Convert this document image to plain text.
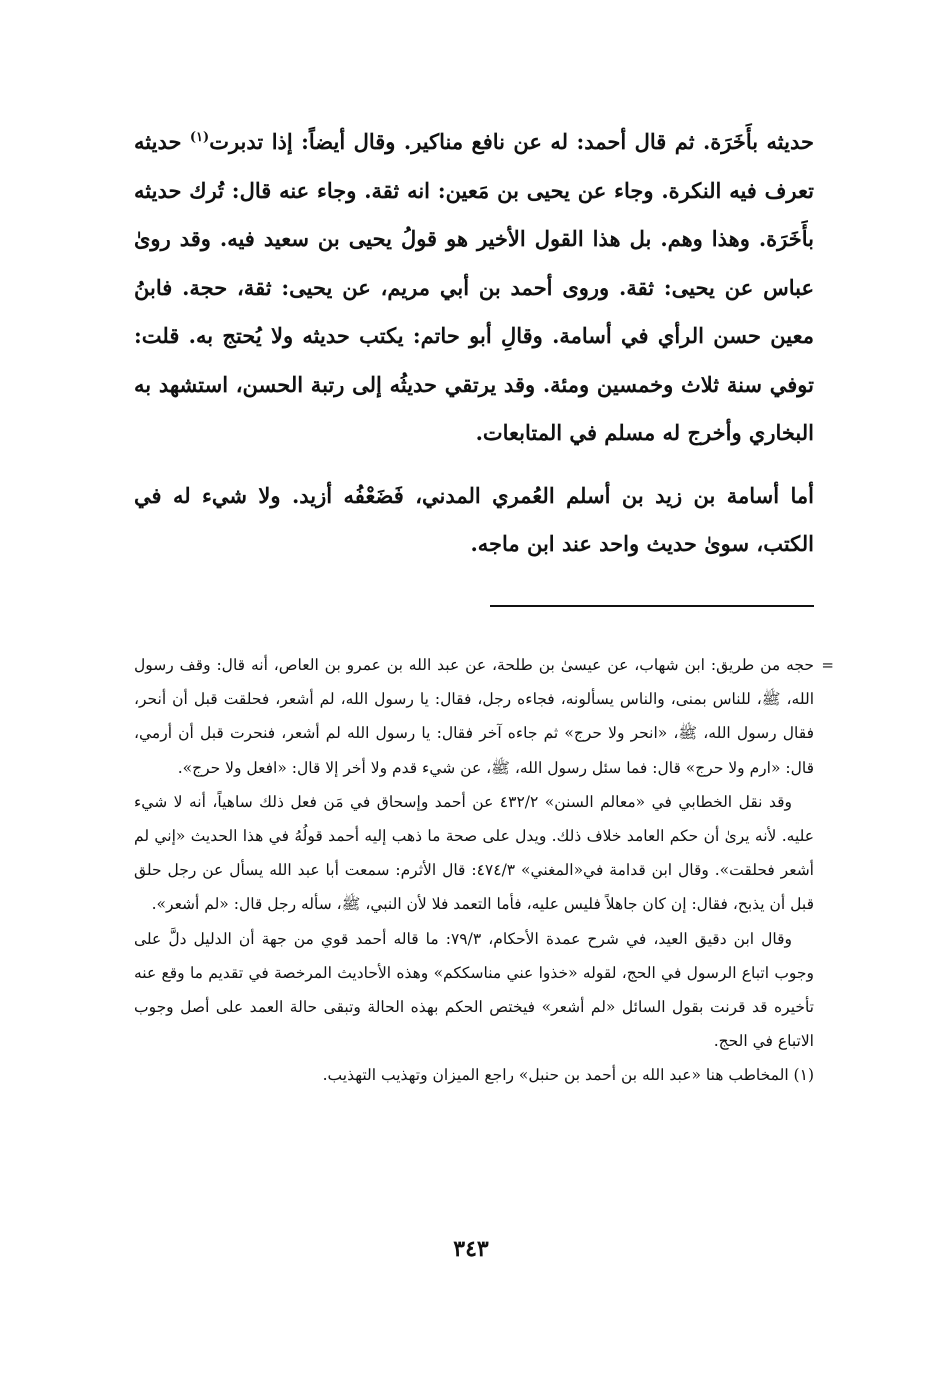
حديثه بأَخَرَة. ثم قال أحمد: له عن نافع مناكير. وقال أيضاً: إذا تدبرت$^{(١)}$ حديثه تعرف فيه النكرة. وجاء عن يحيى بن مَعين: انه ثقة. وجاء عنه قال: تُرك حديثه بأَخَرَة. وهذا وهم. بل هذا القول الأخير هو قولُ يحيى بن سعيد فيه. وقد روىٰ عباس عن يحيى: ثقة. وروى أحمد بن أبي مريم، عن يحيى: ثقة، حجة. فابنُ معين حسن الرأي في أسامة. وقالِ أبو حاتم: يكتب حديثه ولا يُحتج به. قلت: توفي سنة ثلاث وخمسين ومئة. وقد يرتقي حديثُه إلى رتبة الحسن، استشهد به البخاري وأخرج له مسلم في المتابعات.

أما أسامة بن زيد بن أسلم العُمري المدني، فَضَعْفُه أزيد. ولا شيء له في الكتب، سوىٰ حديث واحد عند ابن ماجه.

=

حجه من طريق: ابن شهاب، عن عيسىٰ بن طلحة، عن عبد الله بن عمرو بن العاص، أنه قال: وقف رسول الله، ﷺ، للناس بمنى، والناس يسألونه، فجاءه رجل، فقال: يا رسول الله، لم أشعر، فحلقت قبل أن أنحر، فقال رسول الله، ﷺ، «انحر ولا حرج» ثم جاءه آخر فقال: يا رسول الله لم أشعر، فنحرت قبل أن أرمي، قال: «ارم ولا حرج» قال: فما سئل رسول الله، ﷺ، عن شيء قدم ولا أخر إلا قال: «افعل ولا حرج».

وقد نقل الخطابي في «معالم السنن» ٤٣٢/٢ عن أحمد وإسحاق في مَن فعل ذلك ساهياً، أنه لا شيء عليه. لأنه يرىٰ أن حكم العامد خلاف ذلك. ويدل على صحة ما ذهب إليه أحمد قولُهُ في هذا الحديث «إني لم أشعر فحلقت». وقال ابن قدامة في«المغني» ٤٧٤/٣: قال الأثرم: سمعت أبا عبد الله يسأل عن رجل حلق قبل أن يذبح، فقال: إن كان جاهلاً فليس عليه، فأما التعمد فلا لأن النبي، ﷺ، سأله رجل قال: «لم أشعر».

وقال ابن دقيق العيد، في شرح عمدة الأحكام، ٧٩/٣: ما قاله أحمد قوي من جهة أن الدليل دلَّ على وجوب اتباع الرسول في الحج، لقوله «خذوا عني مناسككم» وهذه الأحاديث المرخصة في تقديم ما وقع عنه تأخيره قد قرنت بقول السائل «لم أشعر» فيختص الحكم بهذه الحالة وتبقى حالة العمد على أصل وجوب الاتباع في الحج.

(١) المخاطب هنا «عبد الله بن أحمد بن حنبل» راجع الميزان وتهذيب التهذيب.

٣٤٣
